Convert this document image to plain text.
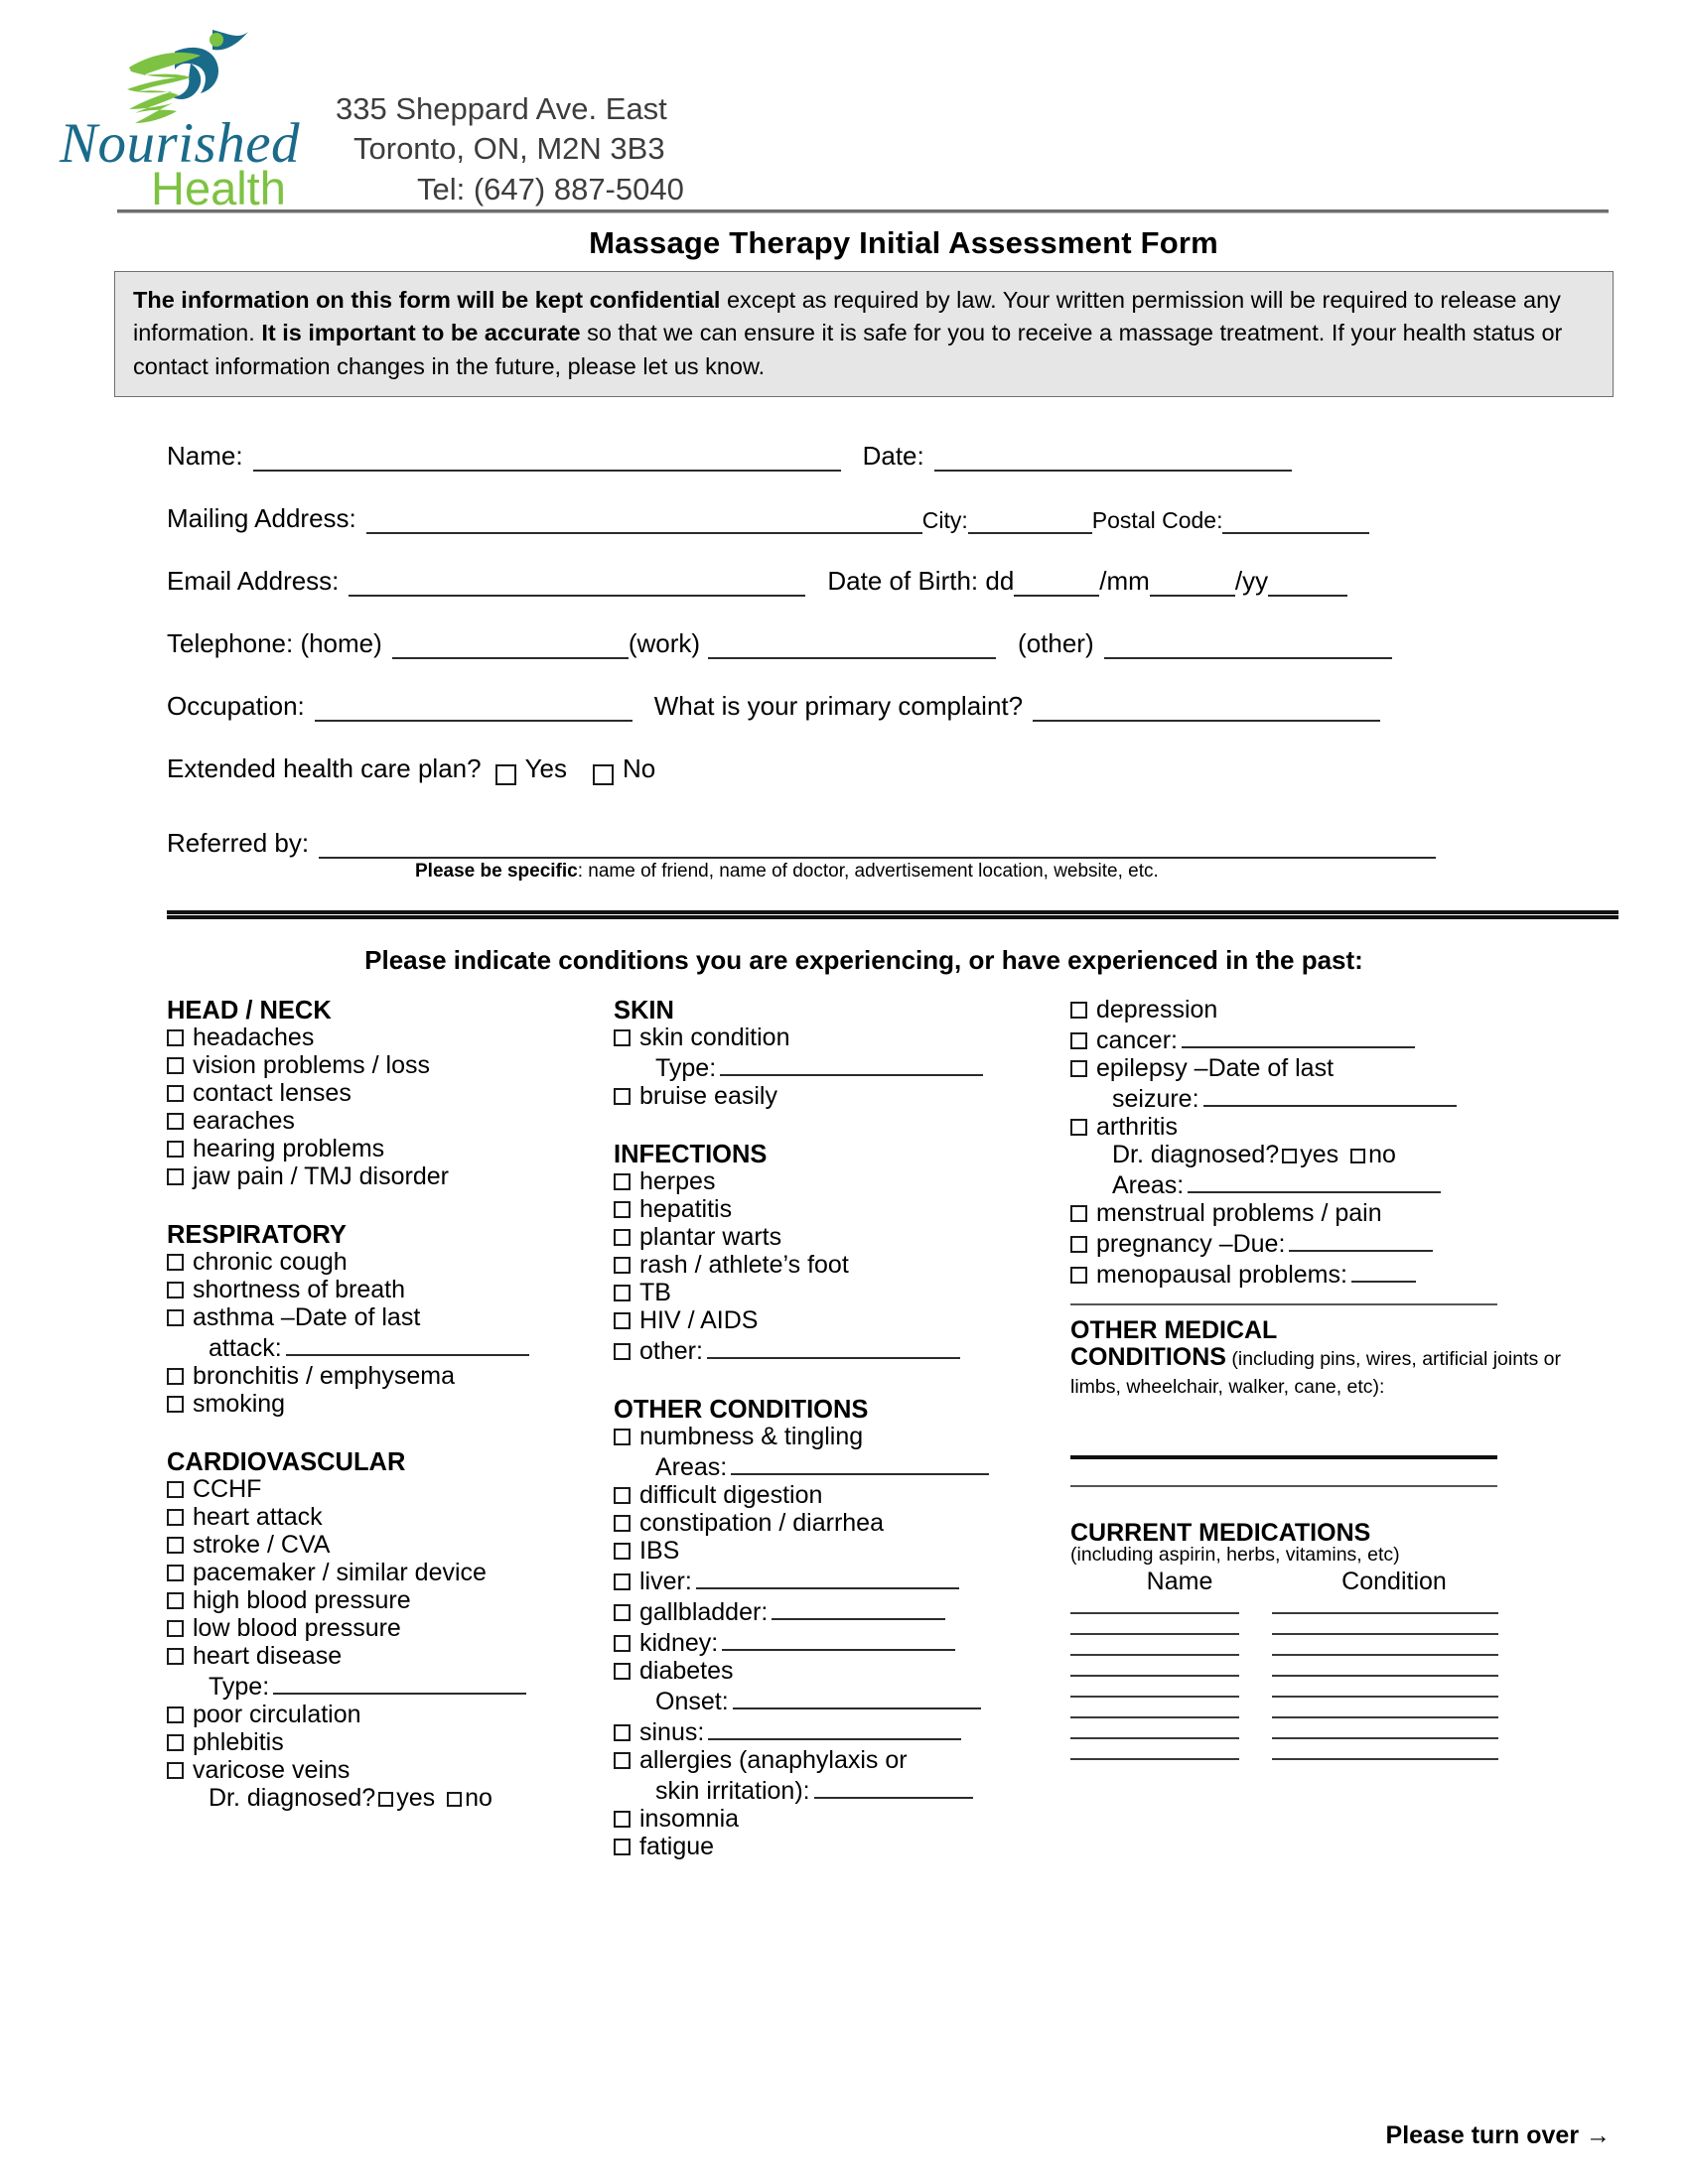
Nourished
Health
335 Sheppard Ave. East
Toronto, ON, M2N 3B3
Tel: (647) 887-5040
Massage Therapy Initial Assessment Form
The information on this form will be kept confidential except as required by law. Your written permission will be required to release any information. It is important to be accurate so that we can ensure it is safe for you to receive a massage treatment. If your health status or contact information changes in the future, please let us know.
Name:	Date:
Mailing Address:	City:	Postal Code:
Email Address:	Date of Birth: dd	/mm	/yy
Telephone: (home)	(work)	(other)
Occupation:	What is your primary complaint?
Extended health care plan? Yes No
Referred by:
Please be specific: name of friend, name of doctor, advertisement location, website, etc.
Please indicate conditions you are experiencing, or have experienced in the past:
HEAD / NECK
headaches
vision problems / loss
contact lenses
earaches
hearing problems
jaw pain / TMJ disorder
RESPIRATORY
chronic cough
shortness of breath
asthma –Date of last
attack:
bronchitis / emphysema
smoking
CARDIOVASCULAR
CCHF
heart attack
stroke / CVA
pacemaker / similar device
high blood pressure
low blood pressure
heart disease
Type:
poor circulation
phlebitis
varicose veins
Dr. diagnosed? yes no
SKIN
skin condition
Type:
bruise easily
INFECTIONS
herpes
hepatitis
plantar warts
rash / athlete’s foot
TB
HIV / AIDS
other:
OTHER CONDITIONS
numbness & tingling
Areas:
difficult digestion
constipation / diarrhea
IBS
liver:
gallbladder:
kidney:
diabetes
Onset:
sinus:
allergies (anaphylaxis or
skin irritation):
insomnia
fatigue
depression
cancer:
epilepsy –Date of last
seizure:
arthritis
Dr. diagnosed? yes no
Areas:
menstrual problems / pain
pregnancy –Due:
menopausal problems:
OTHER MEDICAL
CONDITIONS (including pins, wires, artificial joints or limbs, wheelchair, walker, cane, etc):
CURRENT MEDICATIONS
(including aspirin, herbs, vitamins, etc)
Name	Condition
Please turn over →
